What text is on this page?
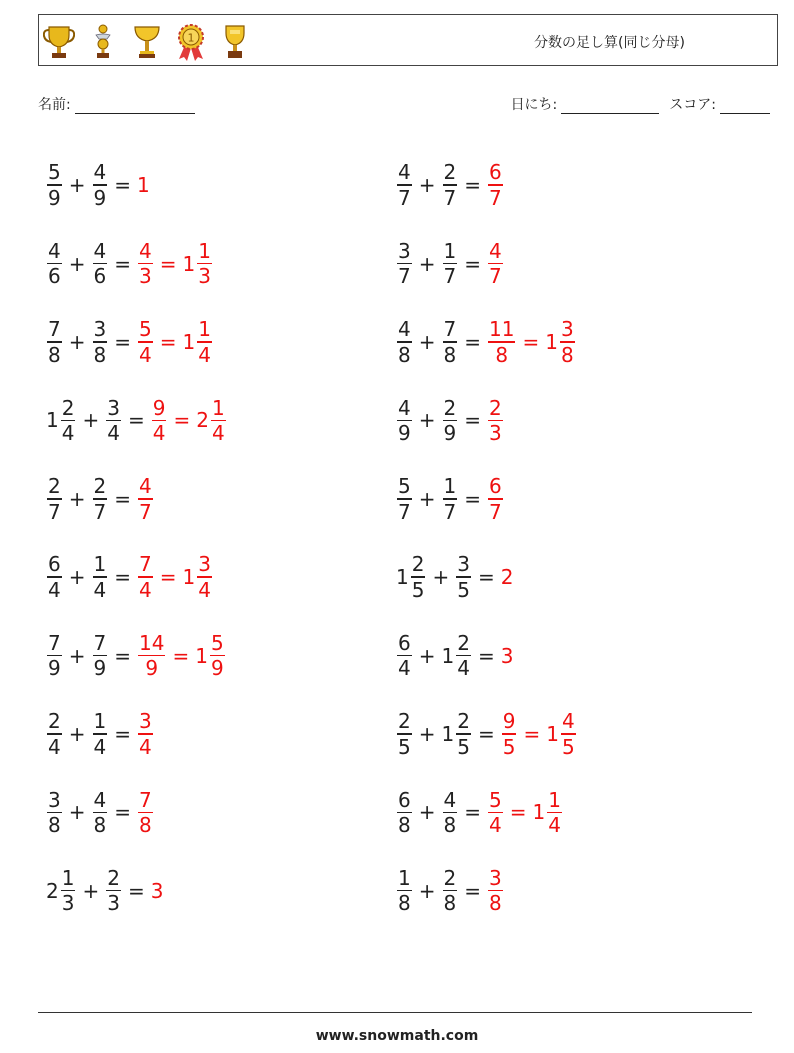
1	分数の足し算(同じ分母)
名前:	日にち:	スコア:
$\frac{5}{9} + \frac{4}{9} = 1$
$\frac{4}{6} + \frac{4}{6} = \frac{4}{3} = 1 \frac{1}{3}$
$\frac{7}{8} + \frac{3}{8} = \frac{5}{4} = 1 \frac{1}{4}$
$1 \frac{2}{4} + \frac{3}{4} = \frac{9}{4} = 2 \frac{1}{4}$
$\frac{2}{7} + \frac{2}{7} = \frac{4}{7}$
$\frac{6}{4} + \frac{1}{4} = \frac{7}{4} = 1 \frac{3}{4}$
$\frac{7}{9} + \frac{7}{9} = \frac{14}{9} = 1 \frac{5}{9}$
$\frac{2}{4} + \frac{1}{4} = \frac{3}{4}$
$\frac{3}{8} + \frac{4}{8} = \frac{7}{8}$
$2 \frac{1}{3} + \frac{2}{3} = 3$
$\frac{4}{7} + \frac{2}{7} = \frac{6}{7}$
$\frac{3}{7} + \frac{1}{7} = \frac{4}{7}$
$\frac{4}{8} + \frac{7}{8} = \frac{11}{8} = 1 \frac{3}{8}$
$\frac{4}{9} + \frac{2}{9} = \frac{2}{3}$
$\frac{5}{7} + \frac{1}{7} = \frac{6}{7}$
$1 \frac{2}{5} + \frac{3}{5} = 2$
$\frac{6}{4} + 1 \frac{2}{4} = 3$
$\frac{2}{5} + 1 \frac{2}{5} = \frac{9}{5} = 1 \frac{4}{5}$
$\frac{6}{8} + \frac{4}{8} = \frac{5}{4} = 1 \frac{1}{4}$
$\frac{1}{8} + \frac{2}{8} = \frac{3}{8}$
www.snowmath.com
